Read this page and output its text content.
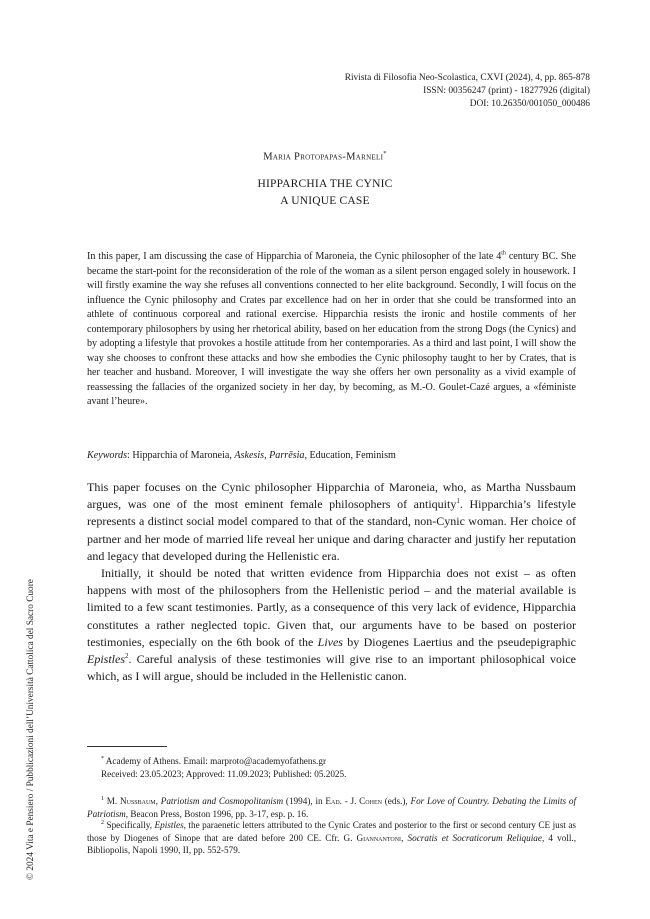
Rivista di Filosofia Neo-Scolastica, CXVI (2024), 4, pp. 865-878
ISSN: 00356247 (print) - 18277926 (digital)
DOI: 10.26350/001050_000486
Maria Protopapas-Marneli*
HIPPARCHIA THE CYNIC
A UNIQUE CASE
In this paper, I am discussing the case of Hipparchia of Maroneia, the Cynic philosopher of the late 4th century BC. She became the start-point for the reconsideration of the role of the woman as a silent person engaged solely in housework. I will firstly examine the way she refuses all conventions connected to her elite background. Secondly, I will focus on the influence the Cynic philosophy and Crates par excellence had on her in order that she could be transformed into an athlete of continuous corporeal and rational exercise. Hipparchia resists the ironic and hostile comments of her contemporary philosophers by using her rhetorical ability, based on her education from the strong Dogs (the Cynics) and by adopting a lifestyle that provokes a hostile attitude from her contemporaries. As a third and last point, I will show the way she chooses to confront these attacks and how she embodies the Cynic philosophy taught to her by Crates, that is her teacher and husband. Moreover, I will investigate the way she offers her own personality as a vivid example of reassessing the fallacies of the organized society in her day, by becoming, as M.-O. Goulet-Cazé argues, a «féministe avant l’heure».
Keywords: Hipparchia of Maroneia, Askesis, Parrēsia, Education, Feminism

This paper focuses on the Cynic philosopher Hipparchia of Maroneia, who, as Martha Nussbaum argues, was one of the most eminent female philosophers of antiquity$^1$. Hipparchia’s lifestyle represents a distinct social model compared to that of the standard, non-Cynic woman. Her choice of partner and her mode of married life reveal her unique and daring character and justify her reputation and legacy that developed during the Hellenistic era.

Initially, it should be noted that written evidence from Hipparchia does not exist – as often happens with most of the philosophers from the Hellenistic period – and the material available is limited to a few scant testimonies. Partly, as a consequence of this very lack of evidence, Hipparchia constitutes a rather neglected topic. Given that, our arguments have to be based on posterior testimonies, especially on the 6th book of the Lives by Diogenes Laertius and the pseudepigraphic Epistles$^2$. Careful analysis of these testimonies will give rise to an important philosophical voice which, as I will argue, should be included in the Hellenistic canon.

* Academy of Athens. Email: marproto@academyofathens.gr
Received: 23.05.2023; Approved: 11.09.2023; Published: 05.2025.
$^1$ M. Nussbaum, Patriotism and Cosmopolitanism (1994), in Ead. - J. Cohen (eds.), For Love of Country. Debating the Limits of Patriotism, Beacon Press, Boston 1996, pp. 3-17, esp. p. 16.
$^2$ Specifically, Epistles, the paraenetic letters attributed to the Cynic Crates and posterior to the first or second century CE just as those by Diogenes of Sinope that are dated before 200 CE. Cfr. G. Giannantoni, Socratis et Socraticorum Reliquiae, 4 voll., Bibliopolis, Napoli 1990, II, pp. 552-579.
© 2024 Vita e Pensiero / Pubblicazioni dell’Università Cattolica del Sacro Cuore
